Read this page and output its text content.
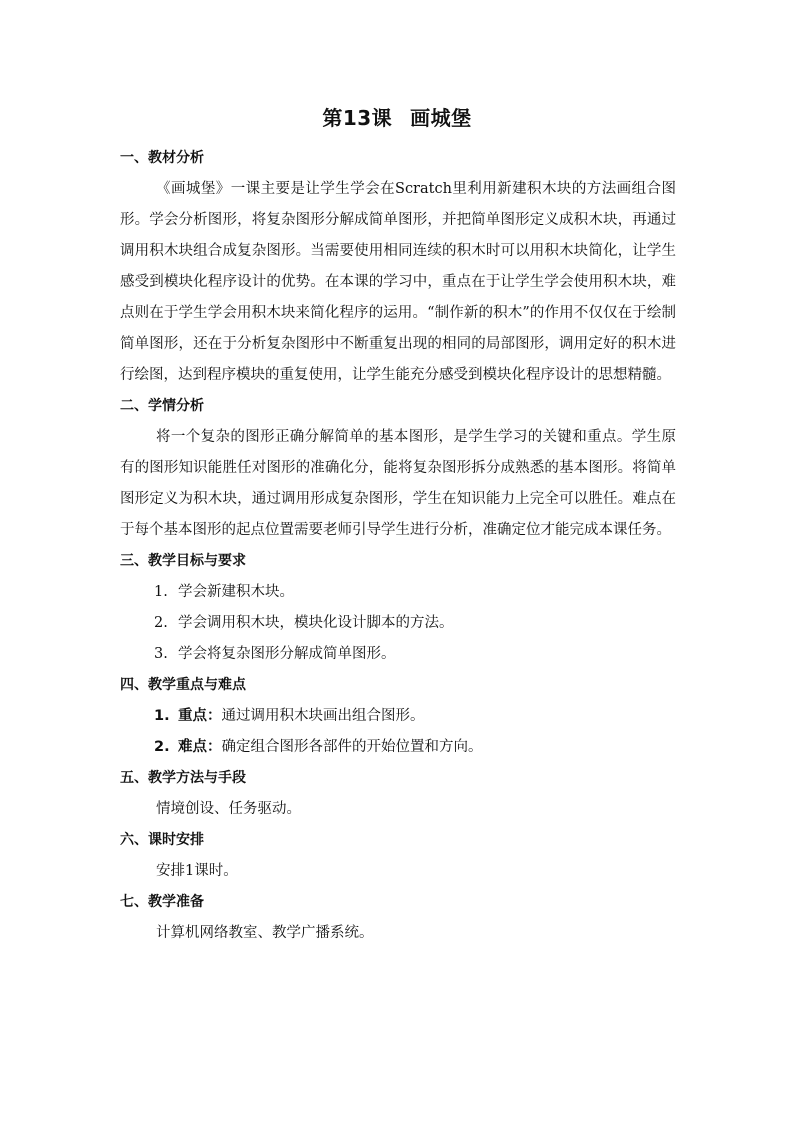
第13课 画城堡

一、教材分析

《画城堡》一课主要是让学生学会在Scratch里利用新建积木块的方法画组合图形。学会分析图形，将复杂图形分解成简单图形，并把简单图形定义成积木块，再通过调用积木块组合成复杂图形。当需要使用相同连续的积木时可以用积木块简化，让学生感受到模块化程序设计的优势。在本课的学习中，重点在于让学生学会使用积木块，难点则在于学生学会用积木块来简化程序的运用。“制作新的积木”的作用不仅仅在于绘制简单图形，还在于分析复杂图形中不断重复出现的相同的局部图形，调用定好的积木进行绘图，达到程序模块的重复使用，让学生能充分感受到模块化程序设计的思想精髓。

二、学情分析

将一个复杂的图形正确分解简单的基本图形，是学生学习的关键和重点。学生原有的图形知识能胜任对图形的准确化分，能将复杂图形拆分成熟悉的基本图形。将简单图形定义为积木块，通过调用形成复杂图形，学生在知识能力上完全可以胜任。难点在于每个基本图形的起点位置需要老师引导学生进行分析，准确定位才能完成本课任务。

三、教学目标与要求

1. 学会新建积木块。

2. 学会调用积木块，模块化设计脚本的方法。

3. 学会将复杂图形分解成简单图形。

四、教学重点与难点

1. 重点：通过调用积木块画出组合图形。

2. 难点：确定组合图形各部件的开始位置和方向。

五、教学方法与手段

情境创设、任务驱动。

六、课时安排

安排1课时。

七、教学准备

计算机网络教室、教学广播系统。
